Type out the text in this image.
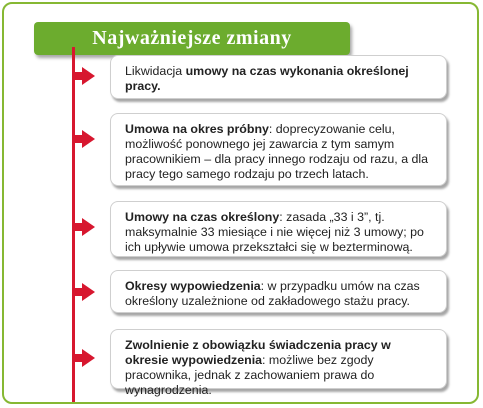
Najważniejsze zmiany
Likwidacja umowy na czas wykonania określonej pracy.
Umowa na okres próbny: doprecyzowanie celu, możliwość ponownego jej zawarcia z tym samym pracownikiem – dla pracy innego rodzaju od razu, a dla pracy tego samego rodzaju po trzech latach.
Umowy na czas określony: zasada „33 i 3”, tj. maksymalnie 33 miesiące i nie więcej niż 3 umowy; po ich upływie umowa przekształci się w bezterminową.
Okresy wypowiedzenia: w przypadku umów na czas określony uzależnione od zakładowego stażu pracy.
Zwolnienie z obowiązku świadczenia pracy w okresie wypowiedzenia: możliwe bez zgody pracownika, jednak z zachowaniem prawa do wynagrodzenia.
